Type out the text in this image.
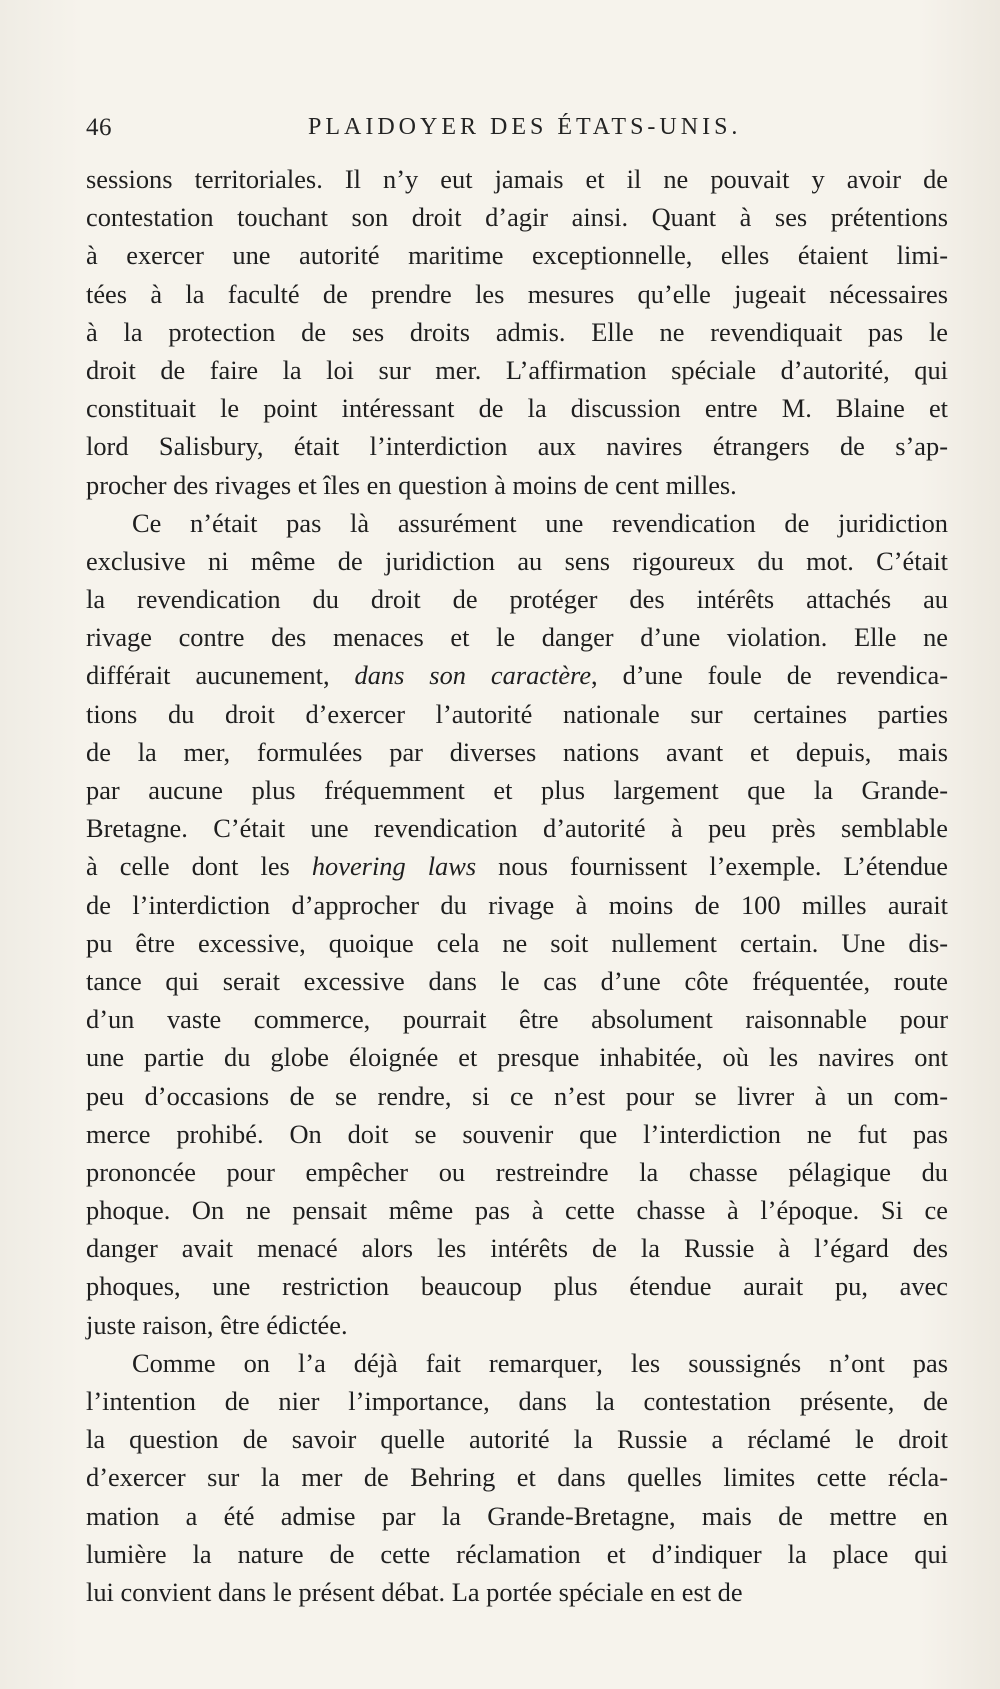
46	PLAIDOYER DES ÉTATS-UNIS.
sessions territoriales. Il n’y eut jamais et il ne pouvait y avoir de
contestation touchant son droit d’agir ainsi. Quant à ses prétentions
à exercer une autorité maritime exceptionnelle, elles étaient limi-
tées à la faculté de prendre les mesures qu’elle jugeait nécessaires
à la protection de ses droits admis. Elle ne revendiquait pas le
droit de faire la loi sur mer. L’affirmation spéciale d’autorité, qui
constituait le point intéressant de la discussion entre M. Blaine et
lord Salisbury, était l’interdiction aux navires étrangers de s’ap-
procher des rivages et îles en question à moins de cent milles.
Ce n’était pas là assurément une revendication de juridiction
exclusive ni même de juridiction au sens rigoureux du mot. C’était
la revendication du droit de protéger des intérêts attachés au
rivage contre des menaces et le danger d’une violation. Elle ne
différait aucunement, dans son caractère, d’une foule de revendica-
tions du droit d’exercer l’autorité nationale sur certaines parties
de la mer, formulées par diverses nations avant et depuis, mais
par aucune plus fréquemment et plus largement que la Grande-
Bretagne. C’était une revendication d’autorité à peu près semblable
à celle dont les hovering laws nous fournissent l’exemple. L’étendue
de l’interdiction d’approcher du rivage à moins de 100 milles aurait
pu être excessive, quoique cela ne soit nullement certain. Une dis-
tance qui serait excessive dans le cas d’une côte fréquentée, route
d’un vaste commerce, pourrait être absolument raisonnable pour
une partie du globe éloignée et presque inhabitée, où les navires ont
peu d’occasions de se rendre, si ce n’est pour se livrer à un com-
merce prohibé. On doit se souvenir que l’interdiction ne fut pas
prononcée pour empêcher ou restreindre la chasse pélagique du
phoque. On ne pensait même pas à cette chasse à l’époque. Si ce
danger avait menacé alors les intérêts de la Russie à l’égard des
phoques, une restriction beaucoup plus étendue aurait pu, avec
juste raison, être édictée.
Comme on l’a déjà fait remarquer, les soussignés n’ont pas
l’intention de nier l’importance, dans la contestation présente, de
la question de savoir quelle autorité la Russie a réclamé le droit
d’exercer sur la mer de Behring et dans quelles limites cette récla-
mation a été admise par la Grande-Bretagne, mais de mettre en
lumière la nature de cette réclamation et d’indiquer la place qui
lui convient dans le présent débat. La portée spéciale en est de
